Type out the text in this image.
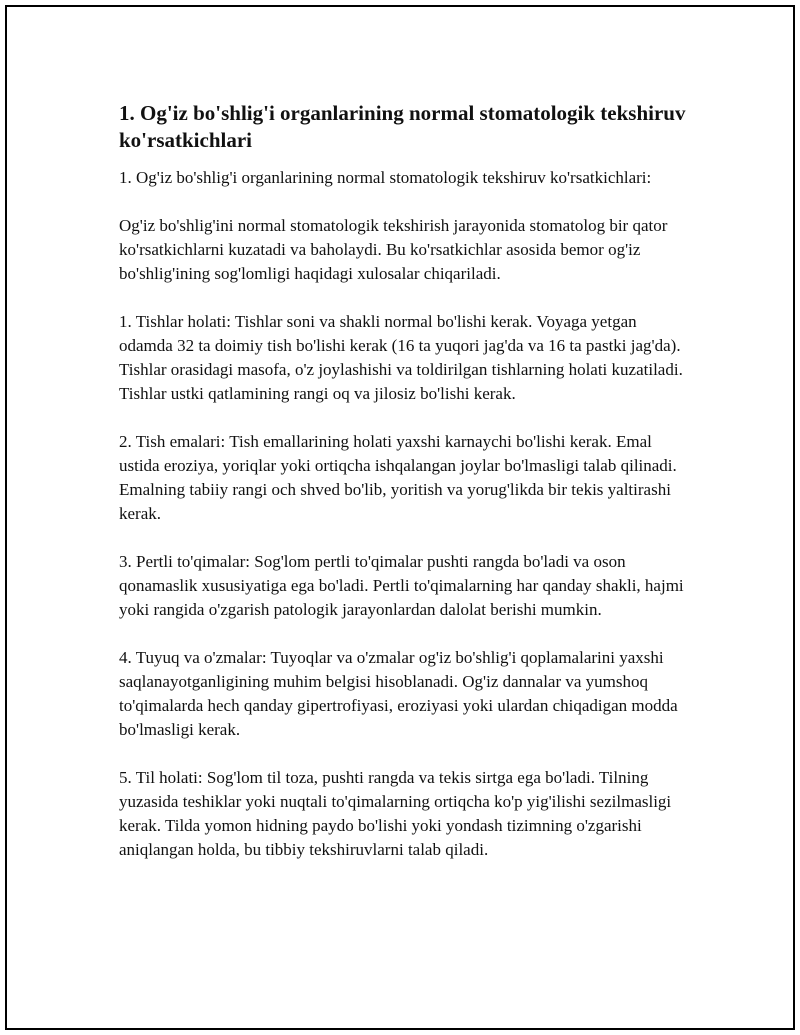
1. Og'iz bo'shlig'i organlarining normal stomatologik tekshiruv ko'rsatkichlari

1. Og'iz bo'shlig'i organlarining normal stomatologik tekshiruv ko'rsatkichlari:

Og'iz bo'shlig'ini normal stomatologik tekshirish jarayonida stomatolog bir qator ko'rsatkichlarni kuzatadi va baholaydi. Bu ko'rsatkichlar asosida bemor og'iz bo'shlig'ining sog'lomligi haqidagi xulosalar chiqariladi.

1. Tishlar holati: Tishlar soni va shakli normal bo'lishi kerak. Voyaga yetgan odamda 32 ta doimiy tish bo'lishi kerak (16 ta yuqori jag'da va 16 ta pastki jag'da). Tishlar orasidagi masofa, o'z joylashishi va toldirilgan tishlarning holati kuzatiladi. Tishlar ustki qatlamining rangi oq va jilosiz bo'lishi kerak.

2. Tish emalari: Tish emallarining holati yaxshi karnaychi bo'lishi kerak. Emal ustida eroziya, yoriqlar yoki ortiqcha ishqalangan joylar bo'lmasligi talab qilinadi. Emalning tabiiy rangi och shved bo'lib, yoritish va yorug'likda bir tekis yaltirashi kerak.

3. Pertli to'qimalar: Sog'lom pertli to'qimalar pushti rangda bo'ladi va oson qonamaslik xususiyatiga ega bo'ladi. Pertli to'qimalarning har qanday shakli, hajmi yoki rangida o'zgarish patologik jarayonlardan dalolat berishi mumkin.

4. Tuyuq va o'zmalar: Tuyoqlar va o'zmalar og'iz bo'shlig'i qoplamalarini yaxshi saqlanayotganligining muhim belgisi hisoblanadi. Og'iz dannalar va yumshoq to'qimalarda hech qanday gipertrofiyasi, eroziyasi yoki ulardan chiqadigan modda bo'lmasligi kerak.

5. Til holati: Sog'lom til toza, pushti rangda va tekis sirtga ega bo'ladi. Tilning yuzasida teshiklar yoki nuqtali to'qimalarning ortiqcha ko'p yig'ilishi sezilmasligi kerak. Tilda yomon hidning paydo bo'lishi yoki yondash tizimning o'zgarishi aniqlangan holda, bu tibbiy tekshiruvlarni talab qiladi.
